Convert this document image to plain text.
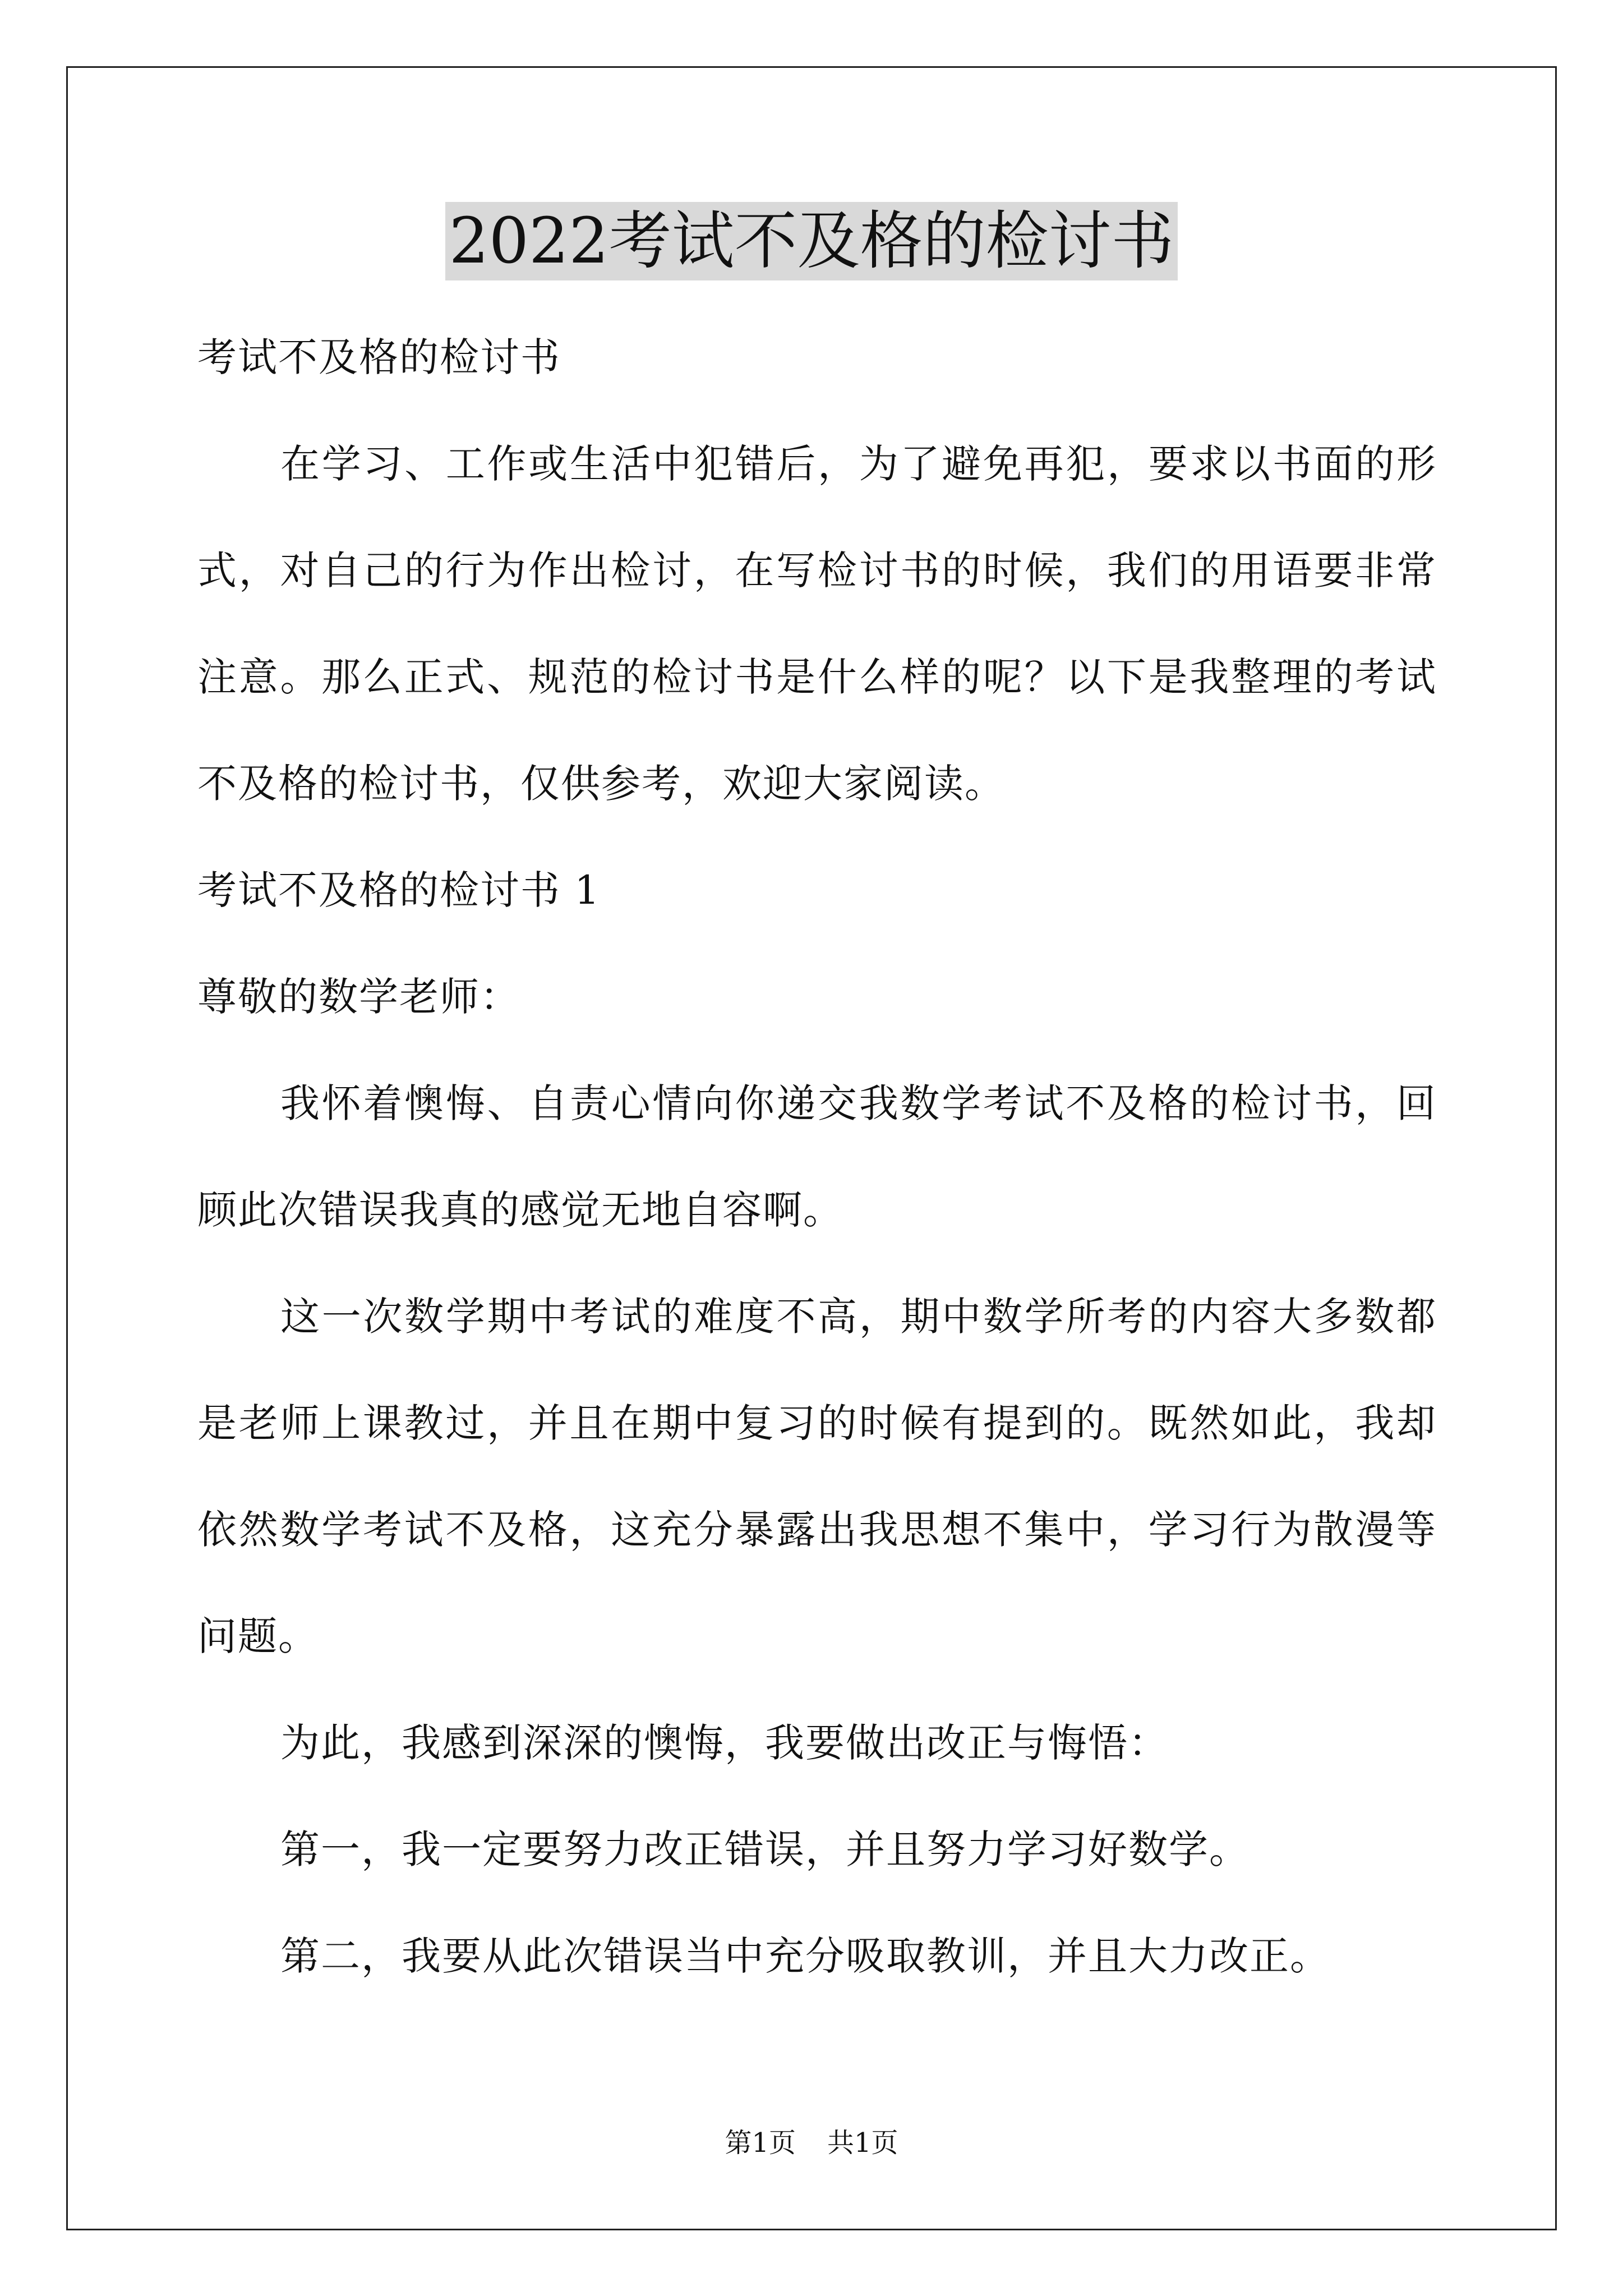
2022考试不及格的检讨书
考试不及格的检讨书
在学习、工作或生活中犯错后，为了避免再犯，要求以书面的形
式，对自己的行为作出检讨，在写检讨书的时候，我们的用语要非常
注意。那么正式、规范的检讨书是什么样的呢？以下是我整理的考试
不及格的检讨书，仅供参考，欢迎大家阅读。
考试不及格的检讨书 1
尊敬的数学老师：
我怀着懊悔、自责心情向你递交我数学考试不及格的检讨书，回
顾此次错误我真的感觉无地自容啊。
这一次数学期中考试的难度不高，期中数学所考的内容大多数都
是老师上课教过，并且在期中复习的时候有提到的。既然如此，我却
依然数学考试不及格，这充分暴露出我思想不集中，学习行为散漫等
问题。
为此，我感到深深的懊悔，我要做出改正与悔悟：
第一，我一定要努力改正错误，并且努力学习好数学。
第二，我要从此次错误当中充分吸取教训，并且大力改正。
第1页 共1页
